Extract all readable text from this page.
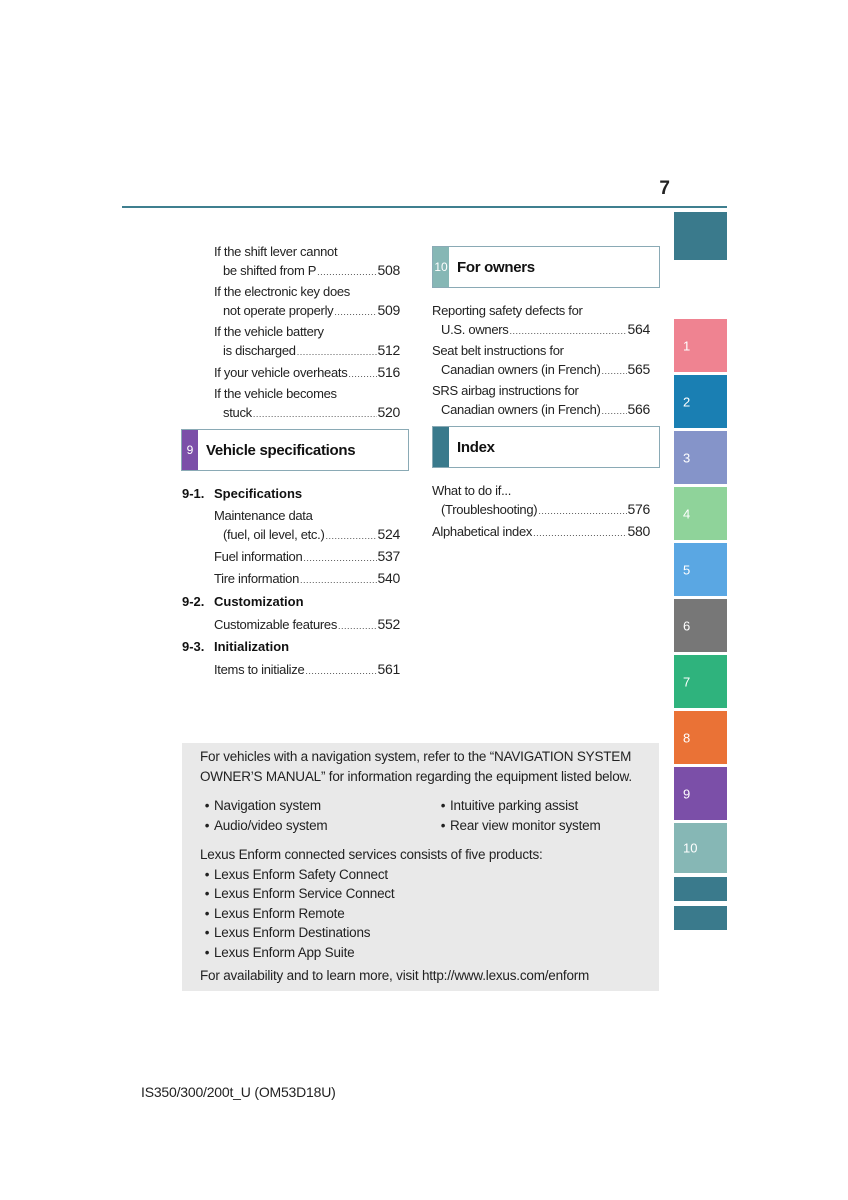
7
If the shift lever cannot
be shifted from P .....	508
If the electronic key does
not operate properly .....	509
If the vehicle battery
is discharged .....	512
If your vehicle overheats ..... 516
If the vehicle becomes
stuck .....	520
9 Vehicle specifications
9-1. Specifications
Maintenance data
(fuel, oil level, etc.) .....	524
Fuel information .....	537
Tire information .....	540
9-2. Customization
Customizable features .....	552
9-3. Initialization
Items to initialize .....	561
10 For owners
Reporting safety defects for
U.S. owners .....	564
Seat belt instructions for
Canadian owners (in French) ..... 565
SRS airbag instructions for
Canadian owners (in French) ..... 566
Index
What to do if...
(Troubleshooting) .....	576
Alphabetical index .....	580
For vehicles with a navigation system, refer to the “NAVIGATION SYSTEM
OWNER’S MANUAL” for information regarding the equipment listed below.
• Navigation system
• Audio/video system
• Intuitive parking assist
• Rear view monitor system
Lexus Enform connected services consists of five products:
• Lexus Enform Safety Connect
• Lexus Enform Service Connect
• Lexus Enform Remote
• Lexus Enform Destinations
• Lexus Enform App Suite
For availability and to learn more, visit http://www.lexus.com/enform
1
2
3
4
5
6
7
8
9
10
IS350/300/200t_U (OM53D18U)
